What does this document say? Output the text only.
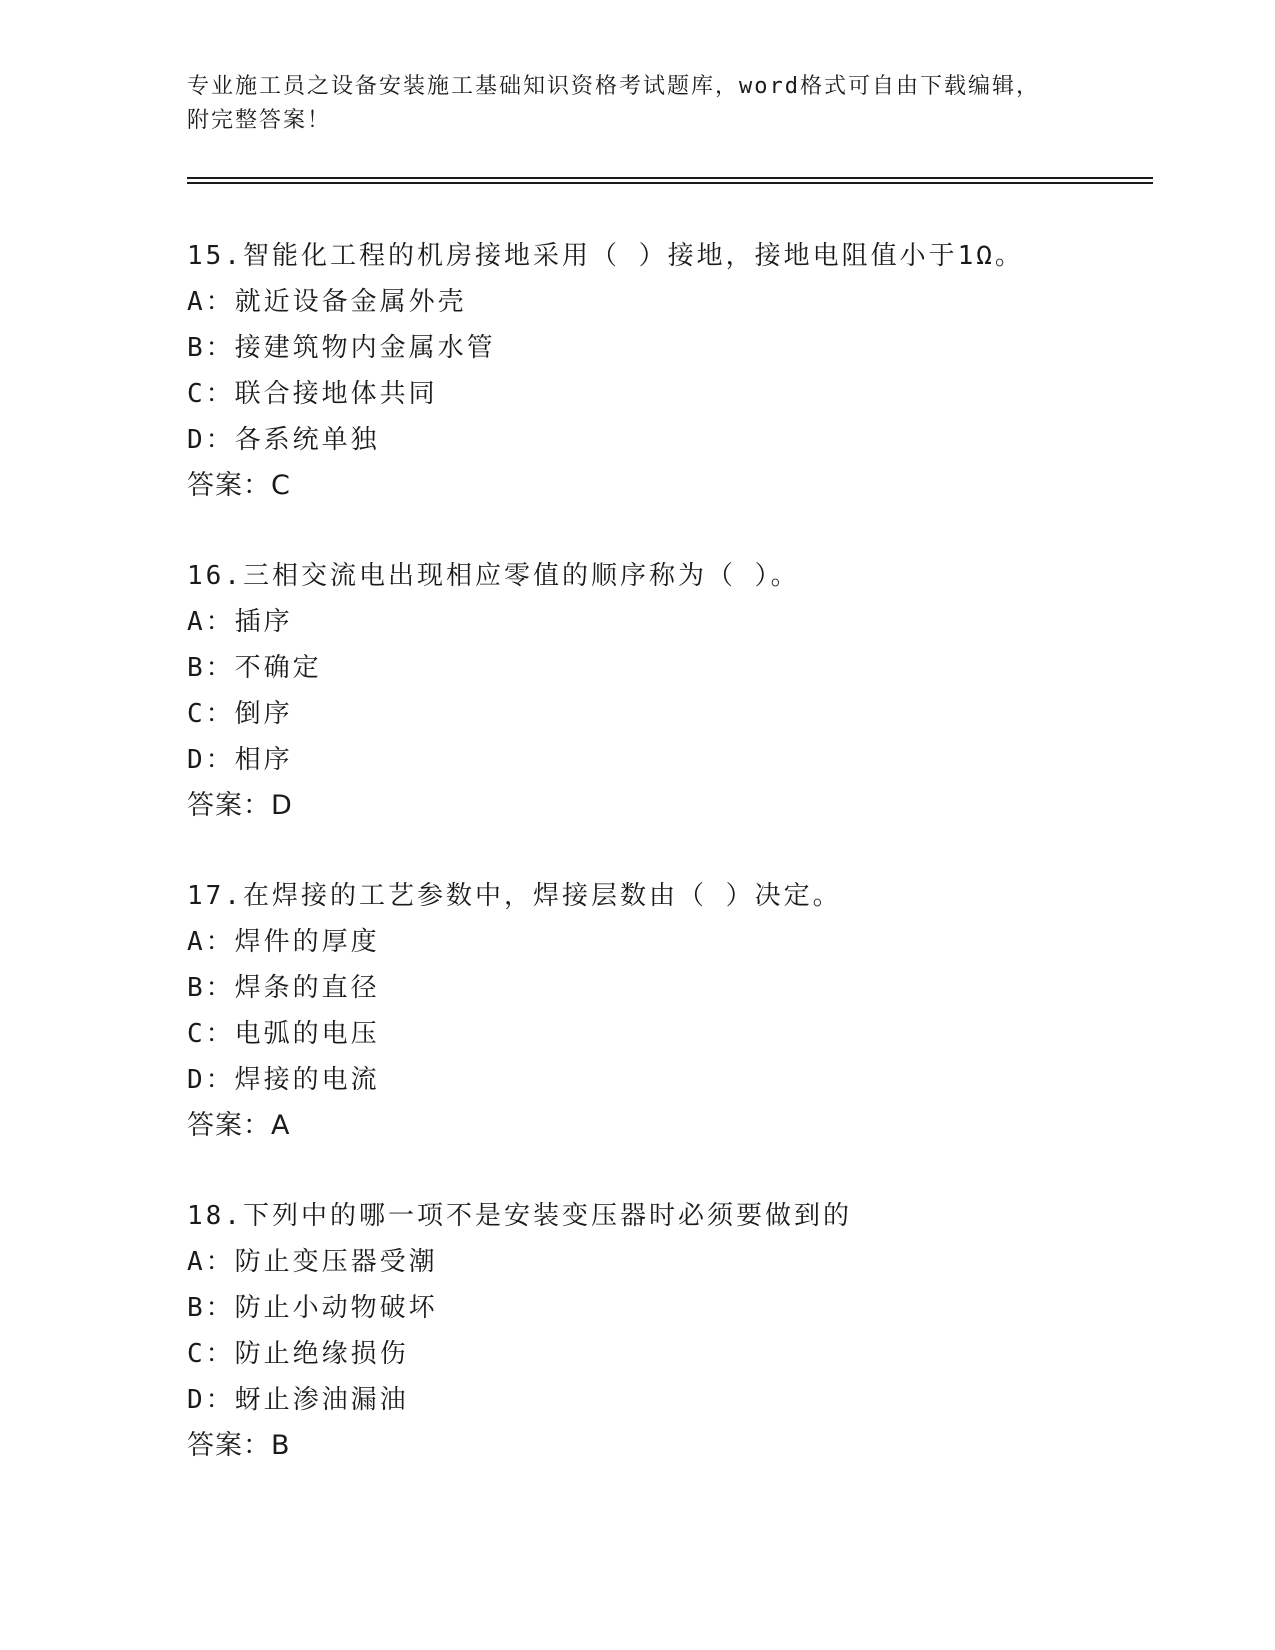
专业施工员之设备安装施工基础知识资格考试题库，word格式可自由下载编辑，
附完整答案！
15.智能化工程的机房接地采用（ ）接地，接地电阻值小于1Ω。
A：就近设备金属外壳
B：接建筑物内金属水管
C：联合接地体共同
D：各系统单独
答案：C
16.三相交流电出现相应零值的顺序称为（ ）。
A：插序
B：不确定
C：倒序
D：相序
答案：D
17.在焊接的工艺参数中，焊接层数由（ ）决定。
A：焊件的厚度
B：焊条的直径
C：电弧的电压
D：焊接的电流
答案：A
18.下列中的哪一项不是安装变压器时必须要做到的
A：防止变压器受潮
B：防止小动物破坏
C：防止绝缘损伤
D：蚜止渗油漏油
答案：B
